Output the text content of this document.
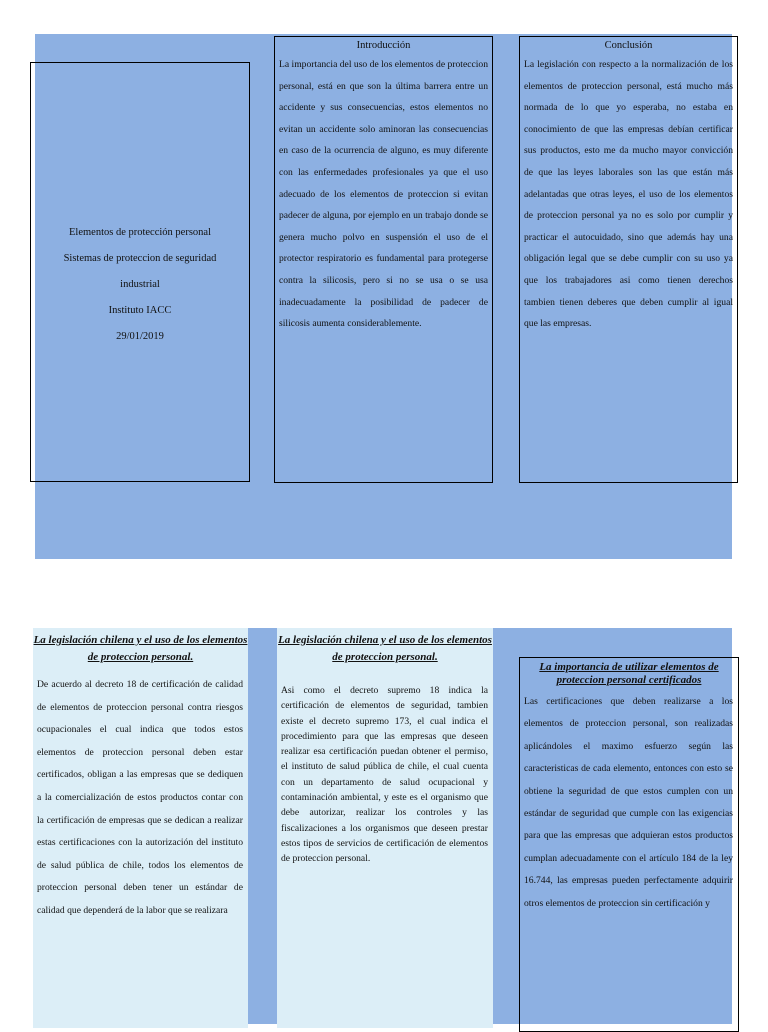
Elementos de protección personal
Sistemas de proteccion de seguridad
industrial
Instituto IACC
29/01/2019
Introducción
La importancia del uso de los elementos de proteccion personal, está en que son la última barrera entre un accidente y sus consecuencias, estos elementos no evitan un accidente solo aminoran las consecuencias en caso de la ocurrencia de alguno, es muy diferente con las enfermedades profesionales ya que el uso adecuado de los elementos de proteccion si evitan padecer de alguna, por ejemplo en un trabajo donde se genera mucho polvo en suspensión el uso de el protector respiratorio es fundamental para protegerse contra la silicosis, pero si no se usa o se usa inadecuadamente la posibilidad de padecer de silicosis aumenta considerablemente.
Conclusión
La legislación con respecto a la normalización de los elementos de proteccion personal, está mucho más normada de lo que yo esperaba, no estaba en conocimiento de que las empresas debían certificar sus productos, esto me da mucho mayor convicción de que las leyes laborales son las que están más adelantadas que otras leyes, el uso de los elementos de proteccion personal ya no es solo por cumplir y practicar el autocuidado, sino que además hay una obligación legal que se debe cumplir con su uso ya que los trabajadores asi como tienen derechos tambien tienen deberes que deben cumplir al igual que las empresas.
La legislación chilena y el uso de los elementos de proteccion personal.
De acuerdo al decreto 18 de certificación de calidad de elementos de proteccion personal contra riesgos ocupacionales el cual indica que todos estos elementos de proteccion personal deben estar certificados, obligan a las empresas que se dediquen a la comercialización de estos productos contar con la certificación de empresas que se dedican a realizar estas certificaciones con la autorización del instituto de salud pública de chile, todos los elementos de proteccion personal deben tener un estándar de calidad que dependerá de la labor que se realizara
La legislación chilena y el uso de los elementos de proteccion personal.
Asi como el decreto supremo 18 indica la certificación de elementos de seguridad, tambien existe el decreto supremo 173, el cual indica el procedimiento para que las empresas que deseen realizar esa certificación puedan obtener el permiso, el instituto de salud pública de chile, el cual cuenta con un departamento de salud ocupacional y contaminación ambiental, y este es el organismo que debe autorizar, realizar los controles y las fiscalizaciones a los organismos que deseen prestar estos tipos de servicios de certificación de elementos de proteccion personal.
La importancia de utilizar elementos de proteccion personal certificados
Las certificaciones que deben realizarse a los elementos de proteccion personal, son realizadas aplicándoles el maximo esfuerzo según las caracteristicas de cada elemento, entonces con esto se obtiene la seguridad de que estos cumplen con un estándar de seguridad que cumple con las exigencias para que las empresas que adquieran estos productos cumplan adecuadamente con el artículo 184 de la ley 16.744, las empresas pueden perfectamente adquirir otros elementos de proteccion sin certificación y
